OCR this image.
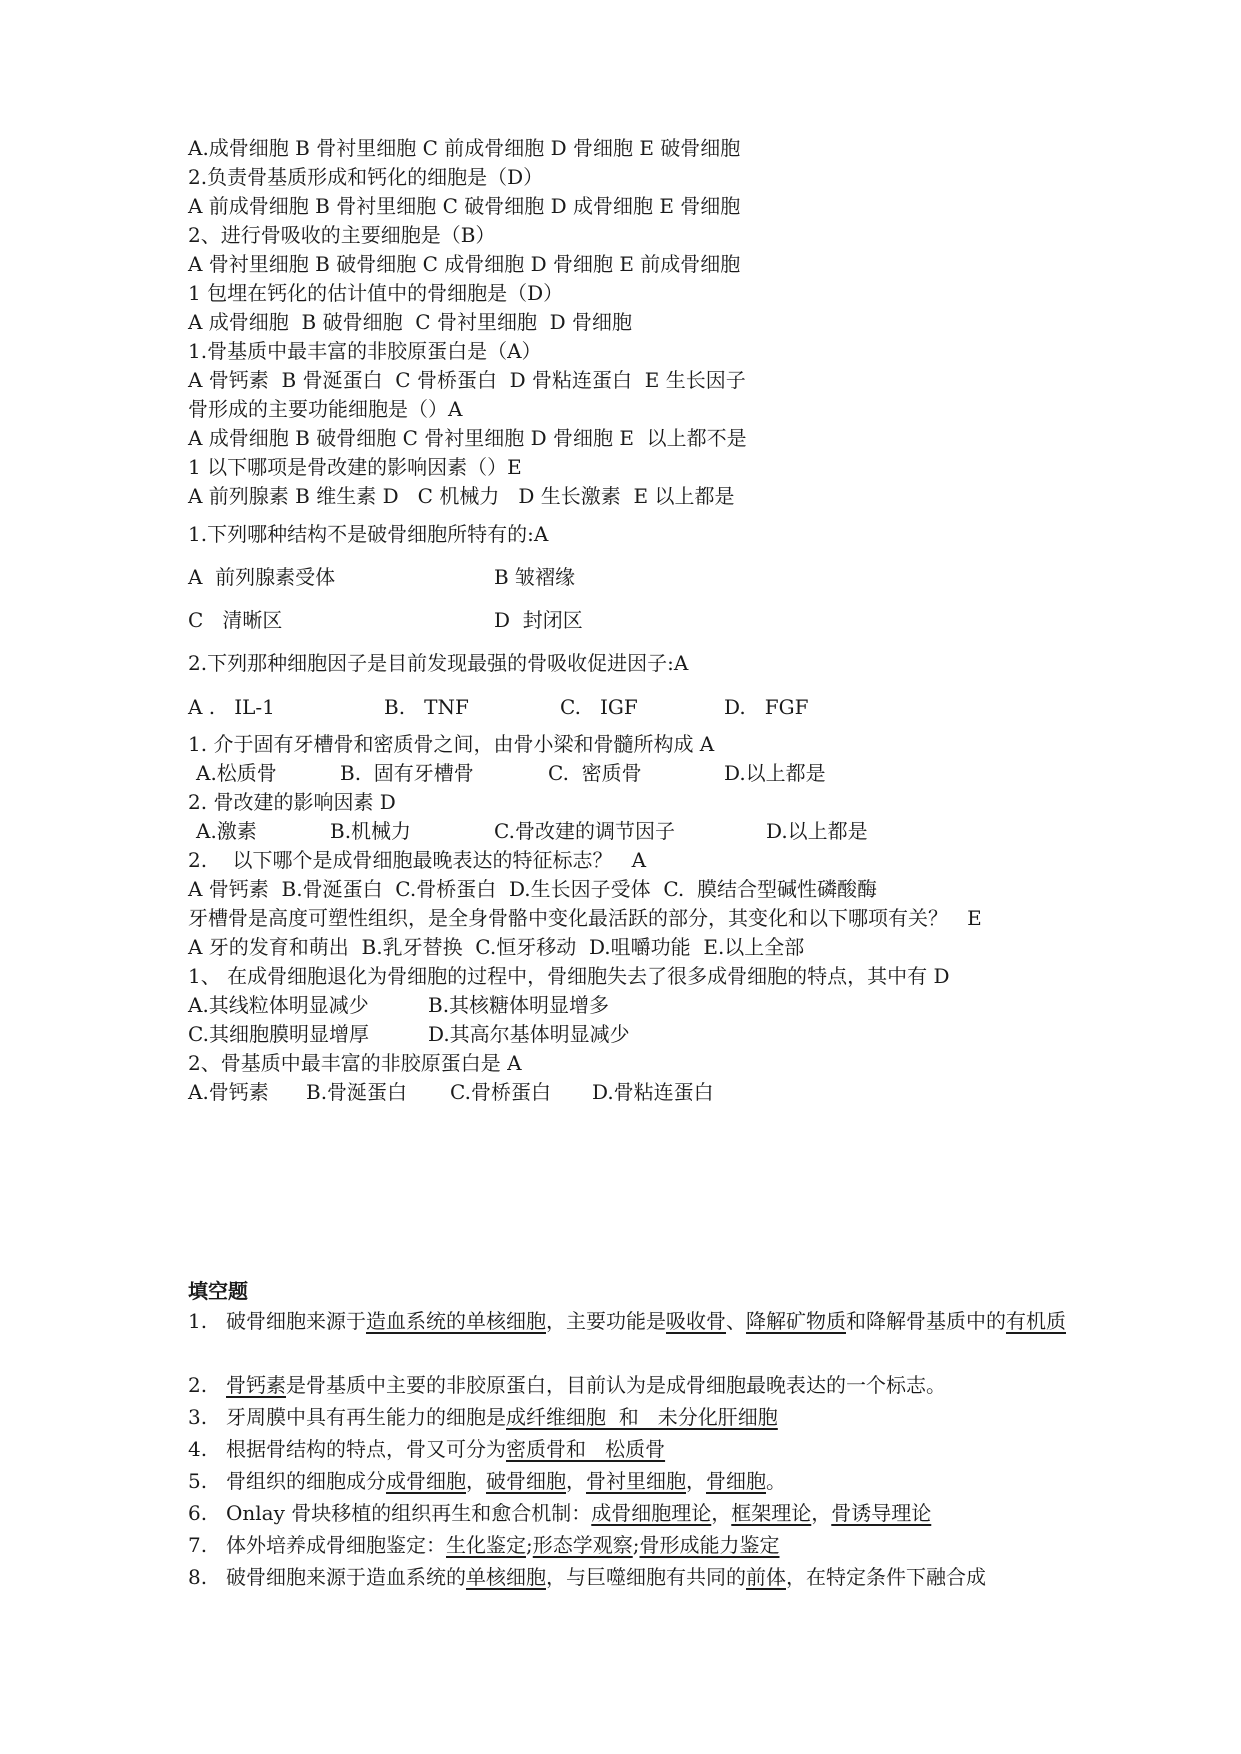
A.成骨细胞 B 骨衬里细胞 C 前成骨细胞 D 骨细胞 E 破骨细胞
2.负责骨基质形成和钙化的细胞是（D）
A 前成骨细胞 B 骨衬里细胞 C 破骨细胞 D 成骨细胞 E 骨细胞
2、进行骨吸收的主要细胞是（B）
A 骨衬里细胞 B 破骨细胞 C 成骨细胞 D 骨细胞 E 前成骨细胞
1 包埋在钙化的估计值中的骨细胞是（D）
A 成骨细胞  B 破骨细胞  C 骨衬里细胞  D 骨细胞
1.骨基质中最丰富的非胶原蛋白是（A）
A 骨钙素  B 骨涎蛋白  C 骨桥蛋白  D 骨粘连蛋白  E 生长因子
骨形成的主要功能细胞是（）A
A 成骨细胞 B 破骨细胞 C 骨衬里细胞 D 骨细胞 E  以上都不是
1 以下哪项是骨改建的影响因素（）E
A 前列腺素 B 维生素 D   C 机械力   D 生长激素  E 以上都是
1.下列哪种结构不是破骨细胞所特有的:A
A  前列腺素受体	B 皱褶缘
C   清晰区	D  封闭区
2.下列那种细胞因子是目前发现最强的骨吸收促进因子:A
A .   IL-1	B.   TNF	C.   IGF	D.   FGF
1. 介于固有牙槽骨和密质骨之间，由骨小梁和骨髓所构成 A
A.松质骨	B.  固有牙槽骨	C.  密质骨	D.以上都是
2. 骨改建的影响因素 D
A.激素	B.机械力	C.骨改建的调节因子	D.以上都是
2.    以下哪个是成骨细胞最晚表达的特征标志？   A
A 骨钙素  B.骨涎蛋白  C.骨桥蛋白  D.生长因子受体  C.  膜结合型碱性磷酸酶
牙槽骨是高度可塑性组织，是全身骨骼中变化最活跃的部分，其变化和以下哪项有关？   E
A 牙的发育和萌出  B.乳牙替换  C.恒牙移动  D.咀嚼功能  E.以上全部
1、 在成骨细胞退化为骨细胞的过程中，骨细胞失去了很多成骨细胞的特点，其中有 D
A.其线粒体明显减少	B.其核糖体明显增多
C.其细胞膜明显增厚	D.其高尔基体明显减少
2、骨基质中最丰富的非胶原蛋白是 A
A.骨钙素 B.骨涎蛋白 C.骨桥蛋白 D.骨粘连蛋白
填空题
1. 破骨细胞来源于造血系统的单核细胞，主要功能是吸收骨、降解矿物质和降解骨基质中的有机质
2. 骨钙素是骨基质中主要的非胶原蛋白，目前认为是成骨细胞最晚表达的一个标志。
3. 牙周膜中具有再生能力的细胞是成纤维细胞  和   未分化肝细胞
4. 根据骨结构的特点，骨又可分为密质骨和   松质骨
5. 骨组织的细胞成分成骨细胞，破骨细胞，骨衬里细胞，骨细胞。
6. Onlay 骨块移植的组织再生和愈合机制：成骨细胞理论，框架理论，骨诱导理论
7. 体外培养成骨细胞鉴定：生化鉴定;形态学观察;骨形成能力鉴定
8. 破骨细胞来源于造血系统的单核细胞，与巨噬细胞有共同的前体，在特定条件下融合成
